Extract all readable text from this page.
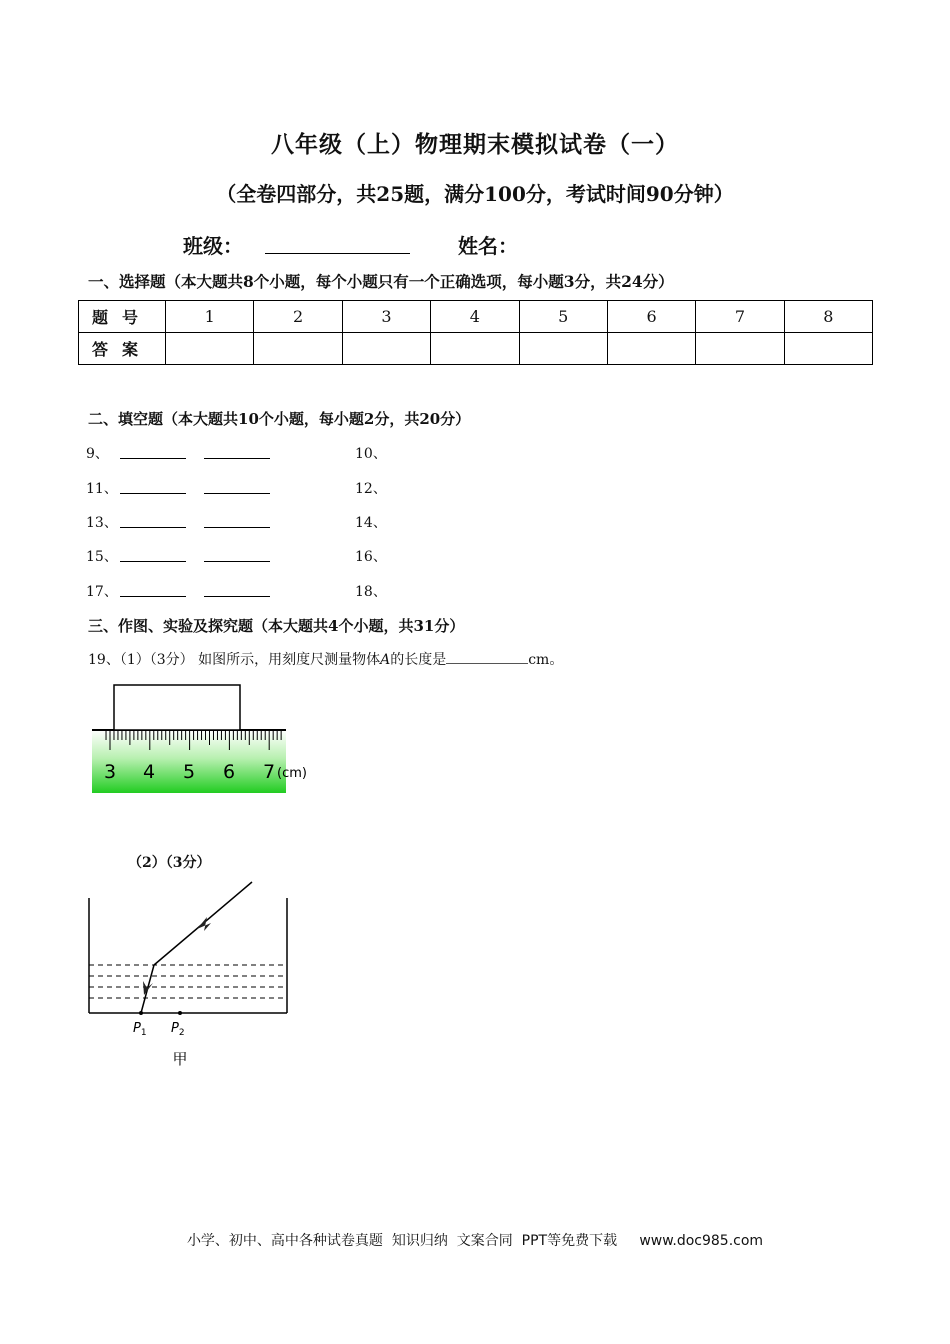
八年级（上）物理期末模拟试卷（一）
（全卷四部分，共25题，满分100分，考试时间90分钟）
班级：	姓名：
一、选择题（本大题共8个小题，每个小题只有一个正确选项，每小题3分，共24分）
题号	1	2	3	4	5	6	7	8
答案								
二、填空题（本大题共10个小题，每小题2分，共20分）
9、	10、
11、	12、
13、	14、
15、	16、
17、	18、
三、作图、实验及探究题（本大题共4个小题，共31分）
19、（1）（3分） 如图所示，用刻度尺测量物体A的长度是	cm。
3 4 5 6 7 (cm)
（2）（3分）
$P_1$ $P_2$
甲
小学、初中、高中各种试卷真题  知识归纳  文案合同  PPT等免费下载     www.doc985.com
